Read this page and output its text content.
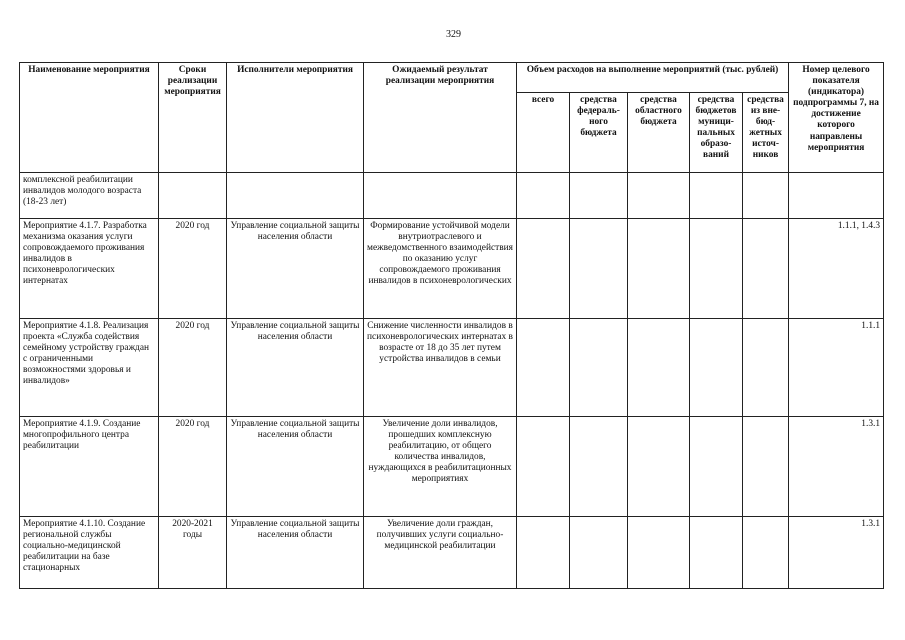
329
Наименование мероприятия	Сроки реализации мероприятия	Исполнители мероприятия	Ожидаемый результат реализации мероприятия	Объем расходов на выполнение мероприятий (тыс. рублей)					Номер целевого показателя (индикатора) подпрограммы 7, на достижение которого направлены мероприятия
				всего	средства федераль-ного бюджета	средства областного бюджета	средства бюджетов муници-пальных образо-ваний	средства из вне-бюд-жетных источ-ников	
комплексной реабилитации инвалидов молодого возраста (18-23 лет)									
Мероприятие 4.1.7. Разработка механизма оказания услуги сопровождаемого проживания инвалидов в психоневрологических интернатах	2020 год	Управление социальной защиты населения области	Формирование устойчивой модели внутриотраслевого и межведомственного взаимодействия по оказанию услуг сопровождаемого проживания инвалидов в психоневрологических						1.1.1, 1.4.3
Мероприятие 4.1.8. Реализация проекта «Служба содействия семейному устройству граждан с ограниченными возможностями здоровья и инвалидов»	2020 год	Управление социальной защиты населения области	Снижение численности инвалидов в психоневрологических интернатах в возрасте от 18 до 35 лет путем устройства инвалидов в семьи						1.1.1
Мероприятие 4.1.9. Создание многопрофильного центра реабилитации	2020 год	Управление социальной защиты населения области	Увеличение доли инвалидов, прошедших комплексную реабилитацию, от общего количества инвалидов, нуждающихся в реабилитационных мероприятиях						1.3.1
Мероприятие 4.1.10. Создание региональной службы социально-медицинской реабилитации на базе стационарных	2020-2021 годы	Управление социальной защиты населения области	Увеличение доли граждан, получивших услуги социально-медицинской реабилитации						1.3.1
